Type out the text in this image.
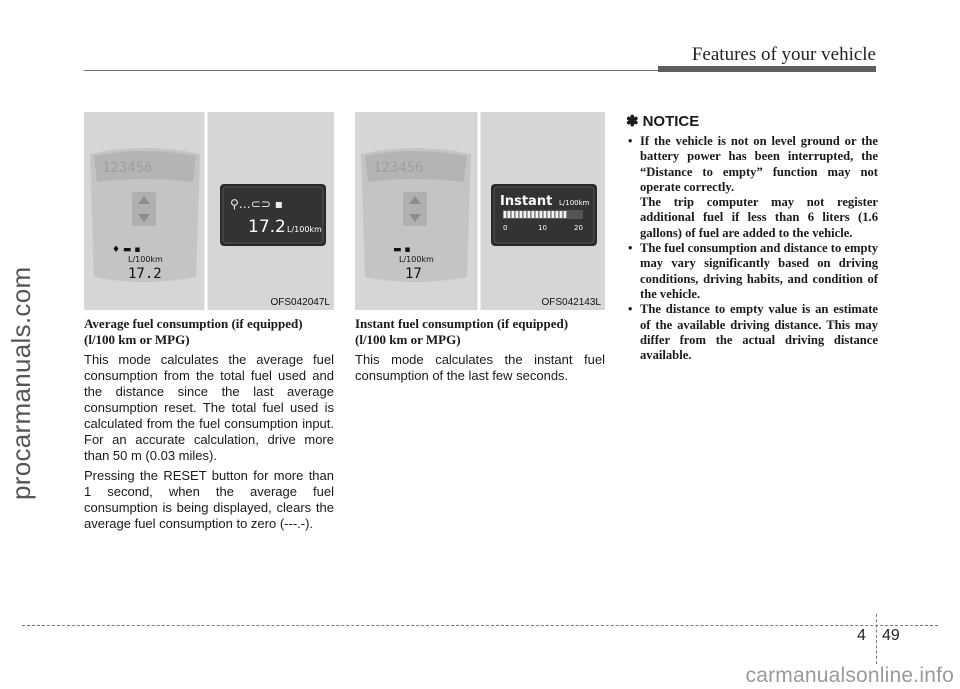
Features of your vehicle
procarmanuals.com
123456
♦ ▬ ▪
L/100km
17.2
⚲…⊂⊃ ▪
17.2 L/100km
OFS042047L
123456
▬ ▪
L/100km
17
Instant L/100km
0	10	20
OFS042143L

Average fuel consumption (if equipped)

(l/100 km or MPG)

This mode calculates the average fuel consumption from the total fuel used and the distance since the last average consumption reset. The total fuel used is calculated from the fuel consumption input. For an accurate calculation, drive more than 50 m (0.03 miles).

Pressing the RESET button for more than 1 second, when the average fuel consumption is being displayed, clears the average fuel consumption to zero (---.-).

Instant fuel consumption (if equipped)

(l/100 km or MPG)

This mode calculates the instant fuel consumption of the last few seconds.

✽ NOTICE

• If the vehicle is not on level ground or the battery power has been interrupted, the “Distance to empty” function may not operate correctly.
The trip computer may not register additional fuel if less than 6 liters (1.6 gallons) of fuel are added to the vehicle.
• The fuel consumption and distance to empty may vary significantly based on driving conditions, driving habits, and condition of the vehicle.
• The distance to empty value is an estimate of the available driving distance. This may differ from the actual driving distance available.
4 49
carmanualsonline.info
